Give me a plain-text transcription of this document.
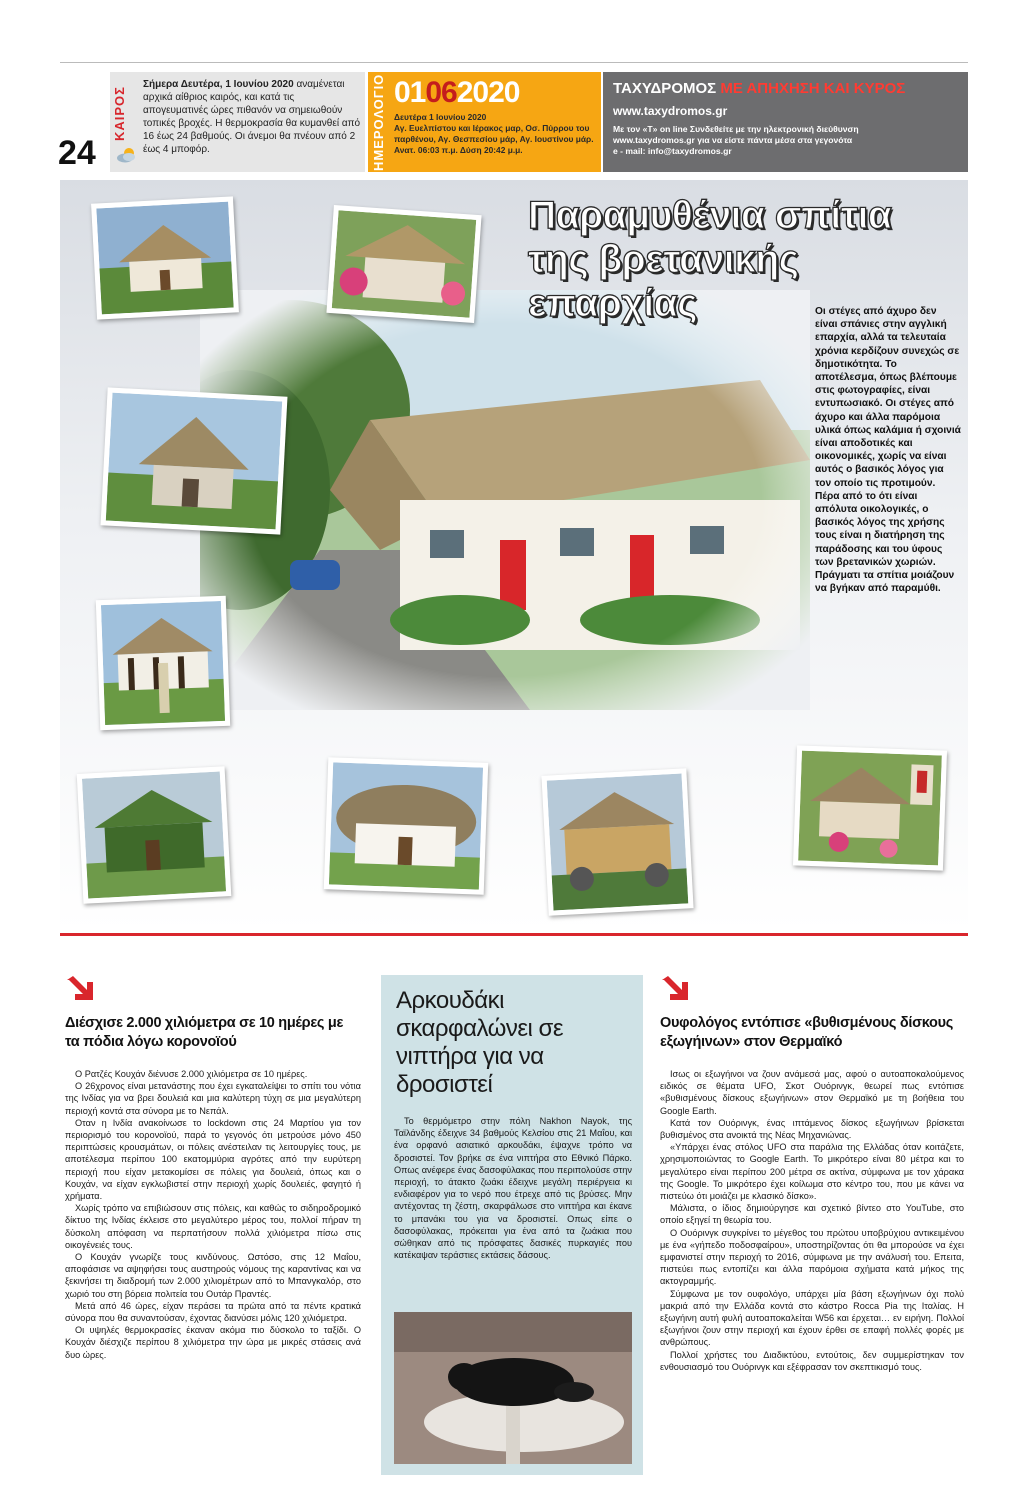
24
ΚΑΙΡΟΣ
Σήμερα Δευτέρα, 1 Ιουνίου 2020 αναμένεται αρχικά αίθριος καιρός, και κατά τις απογευματινές ώρες πιθανόν να σημειωθούν τοπικές βροχές. Η θερμοκρασία θα κυμανθεί από 16 έως 24 βαθμούς. Οι άνεμοι θα πνέουν από 2 έως 4 μποφόρ.	ΗΜΕΡΟΛΟΓΙΟ 01062020
Δευτέρα 1 Ιουνίου 2020
Αγ. Ευελπίστου και Ιέρακος μαρ, Οσ. Πύρρου του παρθένου, Αγ. Θεσπεσίου μάρ, Αγ. Ιουστίνου μάρ.
Ανατ. 06:03 π.μ. Δύση 20:42 μ.μ.
ΤΑΧΥΔΡΟΜΟΣ ΜΕ ΑΠΗΧΗΣΗ ΚΑΙ ΚΥΡΟΣ
www.taxydromos.gr
Με τον «Τ» on line Συνδεθείτε με την ηλεκτρονική διεύθυνση
www.taxydromos.gr για να είστε πάντα μέσα στα γεγονότα
e - mail: info@taxydromos.gr
Παραμυθένια σπίτια
της βρετανικής επαρχίας	Οι στέγες από άχυρο δεν είναι σπάνιες στην αγγλική επαρχία, αλλά τα τελευταία χρόνια κερδίζουν συνεχώς σε δημοτικότητα. Το αποτέλεσμα, όπως βλέπουμε στις φωτογραφίες, είναι εντυπωσιακό. Οι στέγες από άχυρο και άλλα παρόμοια υλικά όπως καλάμια ή σχοινιά είναι αποδοτικές και οικονομικές, χωρίς να είναι αυτός ο βασικός λόγος για τον οποίο τις προτιμούν. Πέρα από το ότι είναι απόλυτα οικολογικές, ο βασικός λόγος της χρήσης τους είναι η διατήρηση της παράδοσης και του ύφους των βρετανικών χωριών. Πράγματι τα σπίτια μοιάζουν να βγήκαν από παραμύθι.
Διέσχισε 2.000 χιλιόμετρα σε 10 ημέρες με τα πόδια λόγω κορονοϊού

Ο Ρατζές Κουχάν διένυσε 2.000 χιλιόμετρα σε 10 ημέρες.

Ο 26χρονος είναι μετανάστης που έχει εγκαταλείψει το σπίτι του νότια της Ινδίας για να βρει δουλειά και μια καλύτερη τύχη σε μια μεγαλύτερη περιοχή κοντά στα σύνορα με το Νεπάλ.

Οταν η Ινδία ανακοίνωσε το lockdown στις 24 Μαρτίου για τον περιορισμό του κορονοϊού, παρά το γεγονός ότι μετρούσε μόνο 450 περιπτώσεις κρουσμάτων, οι πόλεις ανέστειλαν τις λειτουργίες τους, με αποτέλεσμα περίπου 100 εκατομμύρια αγρότες από την ευρύτερη περιοχή που είχαν μετακομίσει σε πόλεις για δουλειά, όπως και ο Κουχάν, να είχαν εγκλωβιστεί στην περιοχή χωρίς δουλειές, φαγητό ή χρήματα.

Χωρίς τρόπο να επιβιώσουν στις πόλεις, και καθώς το σιδηροδρομικό δίκτυο της Ινδίας έκλεισε στο μεγαλύτερο μέρος του, πολλοί πήραν τη δύσκολη απόφαση να περπατήσουν πολλά χιλιόμετρα πίσω στις οικογένειές τους.

Ο Κουχάν γνωρίζε τους κινδύνους. Ωστόσο, στις 12 Μαΐου, αποφάσισε να αψηφήσει τους αυστηρούς νόμους της καραντίνας και να ξεκινήσει τη διαδρομή των 2.000 χιλιομέτρων από το Μπανγκαλόρ, στο χωριό του στη βόρεια πολιτεία του Ουτάρ Πραντές.

Μετά από 46 ώρες, είχαν περάσει τα πρώτα από τα πέντε κρατικά σύνορα που θα συναντούσαν, έχοντας διανύσει μόλις 120 χιλιόμετρα.

Οι υψηλές θερμοκρασίες έκαναν ακόμα πιο δύσκολο το ταξίδι. Ο Κουχάν διέσχιζε περίπου 8 χιλιόμετρα την ώρα με μικρές στάσεις ανά δυο ώρες.

Αρκουδάκι σκαρφαλώνει σε νιπτήρα για να δροσιστεί

Το θερμόμετρο στην πόλη Nakhon Nayok, της Ταϊλάνδης έδειχνε 34 βαθμούς Κελσίου στις 21 Μαΐου, και ένα ορφανό ασιατικό αρκουδάκι, έψαχνε τρόπο να δροσιστεί. Τον βρήκε σε ένα νιπτήρα στο Εθνικό Πάρκο. Οπως ανέφερε ένας δασοφύλακας που περιπολούσε στην περιοχή, το άτακτο ζωάκι έδειχνε μεγάλη περιέργεια κι ενδιαφέρον για το νερό που έτρεχε από τις βρύσες. Μην αντέχοντας τη ζέστη, σκαρφάλωσε στο νιπτήρα και έκανε το μπανάκι του για να δροσιστεί. Οπως είπε ο δασοφύλακας, πρόκειται για ένα από τα ζωάκια που σώθηκαν από τις πρόσφατες δασικές πυρκαγιές που κατέκαψαν τεράστιες εκτάσεις δάσους.

Ουφολόγος εντόπισε «βυθισμένους δίσκους εξωγήινων» στον Θερμαϊκό

Ισως οι εξωγήινοι να ζουν ανάμεσά μας, αφού ο αυτοαποκαλούμενος ειδικός σε θέματα UFO, Σκοτ Ουόρινγκ, θεωρεί πως εντόπισε «βυθισμένους δίσκους εξωγήινων» στον Θερμαϊκό με τη βοήθεια του Google Earth.

Κατά τον Ουόρινγκ, ένας ιπτάμενος δίσκος εξωγήινων βρίσκεται βυθισμένος στα ανοικτά της Νέας Μηχανιώνας.

«Υπάρχει ένας στόλος UFO στα παράλια της Ελλάδας όταν κοιτάζετε, χρησιμοποιώντας το Google Earth. Το μικρότερο είναι 80 μέτρα και το μεγαλύτερο είναι περίπου 200 μέτρα σε ακτίνα, σύμφωνα με τον χάρακα της Google. Το μικρότερο έχει κοίλωμα στο κέντρο του, που με κάνει να πιστεύω ότι μοιάζει με κλασικό δίσκο».

Μάλιστα, ο ίδιος δημιούργησε και σχετικό βίντεο στο YouTube, στο οποίο εξηγεί τη θεωρία του.

Ο Ουόρινγκ συγκρίνει το μέγεθος του πρώτου υποβρύχιου αντικειμένου με ένα «γήπεδο ποδοσφαίρου», υποστηρίζοντας ότι θα μπορούσε να έχει εμφανιστεί στην περιοχή το 2016, σύμφωνα με την ανάλυσή του. Επειτα, πιστεύει πως εντοπίζει και άλλα παρόμοια σχήματα κατά μήκος της ακτογραμμής.

Σύμφωνα με τον ουφολόγο, υπάρχει μία βάση εξωγήινων όχι πολύ μακριά από την Ελλάδα κοντά στο κάστρο Rocca Pia της Ιταλίας. Η εξωγήινη αυτή φυλή αυτοαποκαλείται W56 και έρχεται… εν ειρήνη. Πολλοί εξωγήινοι ζουν στην περιοχή και έχουν έρθει σε επαφή πολλές φορές με ανθρώπους.

Πολλοί χρήστες του Διαδικτύου, εντούτοις, δεν συμμερίστηκαν τον ενθουσιασμό του Ουόρινγκ και εξέφρασαν τον σκεπτικισμό τους.
